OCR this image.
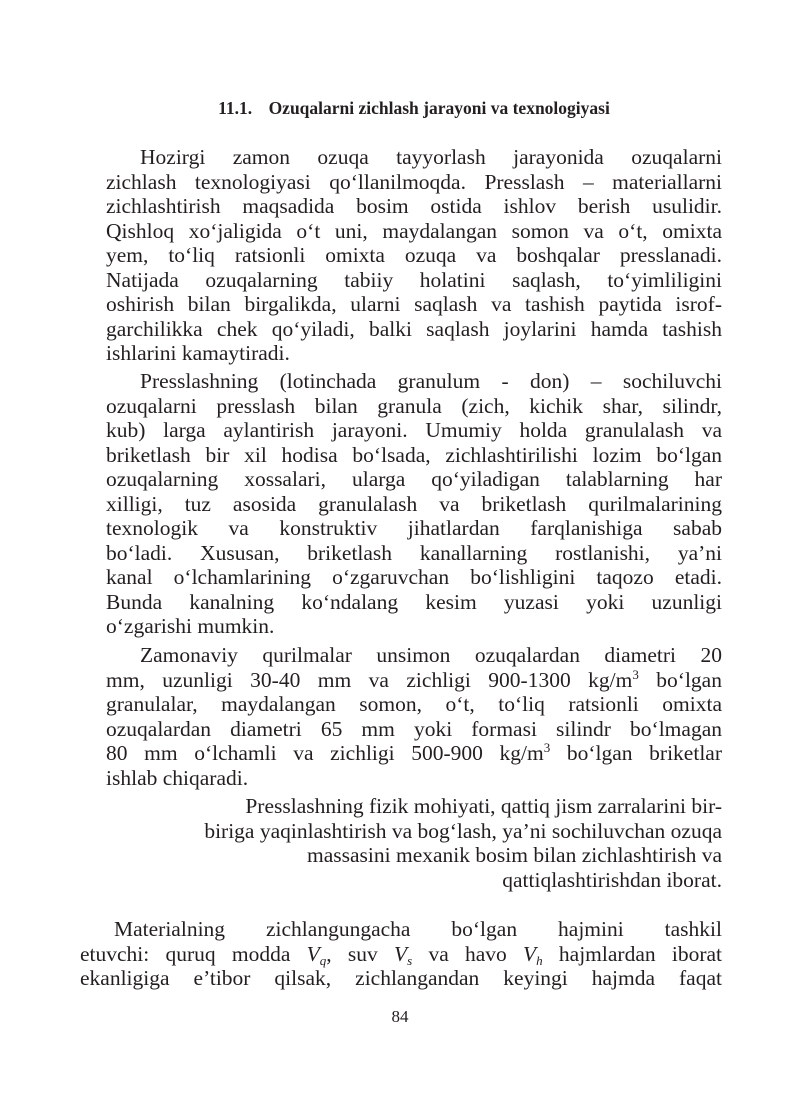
11.1. Ozuqalarni zichlash jarayoni va texnologiyasi
Hozirgi zamon ozuqa tayyorlash jarayonida ozuqalarni
zichlash texnologiyasi qo‘llanilmoqda. Presslash – materiallarni
zichlashtirish maqsadida bosim ostida ishlov berish usulidir.
Qishloq xo‘jaligida o‘t uni, maydalangan somon va o‘t, omixta
yem, to‘liq ratsionli omixta ozuqa va boshqalar presslanadi.
Natijada ozuqalarning tabiiy holatini saqlash, to‘yimliligini
oshirish bilan birgalikda, ularni saqlash va tashish paytida isrof-
garchilikka chek qo‘yiladi, balki saqlash joylarini hamda tashish
ishlarini kamaytiradi.
Presslashning (lotinchada granulum - don) – sochiluvchi
ozuqalarni presslash bilan granula (zich, kichik shar, silindr,
kub) larga aylantirish jarayoni. Umumiy holda granulalash va
briketlash bir xil hodisa bo‘lsada, zichlashtirilishi lozim bo‘lgan
ozuqalarning xossalari, ularga qo‘yiladigan talablarning har
xilligi, tuz asosida granulalash va briketlash qurilmalarining
texnologik va konstruktiv jihatlardan farqlanishiga sabab
bo‘ladi. Xususan, briketlash kanallarning rostlanishi, ya’ni
kanal o‘lchamlarining o‘zgaruvchan bo‘lishligini taqozo etadi.
Bunda kanalning ko‘ndalang kesim yuzasi yoki uzunligi
o‘zgarishi mumkin.
Zamonaviy qurilmalar unsimon ozuqalardan diametri 20
mm, uzunligi 30-40 mm va zichligi 900-1300 $kg/m^3$ bo‘lgan
granulalar, maydalangan somon, o‘t, to‘liq ratsionli omixta
ozuqalardan diametri 65 mm yoki formasi silindr bo‘lmagan
80 mm o‘lchamli va zichligi 500-900 $kg/m^3$ bo‘lgan briketlar
ishlab chiqaradi.
Presslashning fizik mohiyati, qattiq jism zarralarini bir-
biriga yaqinlashtirish va bog‘lash, ya’ni sochiluvchan ozuqa
massasini mexanik bosim bilan zichlashtirish va
qattiqlashtirishdan iborat.
Materialning zichlangungacha bo‘lgan hajmini tashkil
etuvchi: quruq modda $V_q$, suv $V_s$ va havo $V_h$ hajmlardan iborat
ekanligiga e’tibor qilsak, zichlangandan keyingi hajmda faqat
84
